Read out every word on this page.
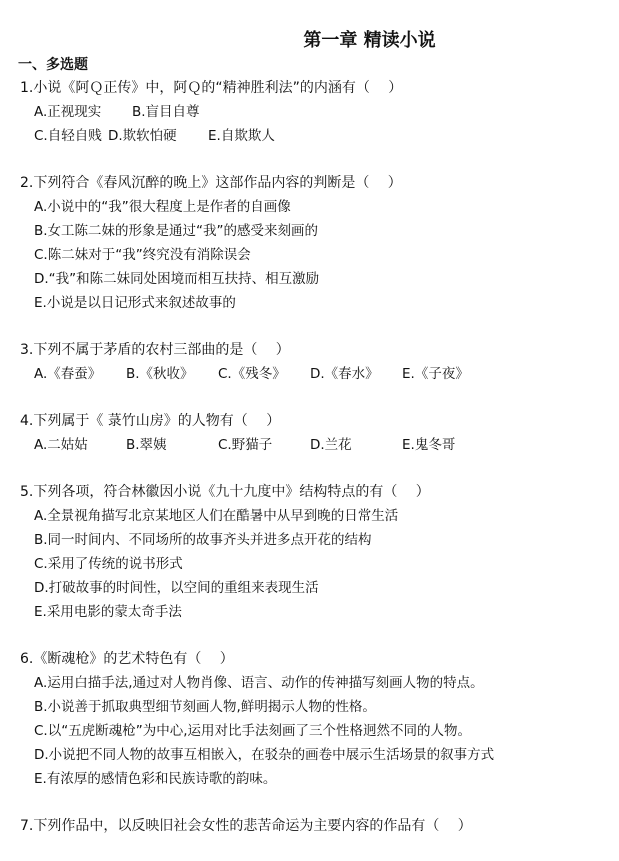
第一章 精读小说
一、多选题
1.小说《阿Ｑ正传》中，阿Ｑ的“精神胜利法”的内涵有（　 ）
A.正视现实	B.盲目自尊
C.自轻自贱 D.欺软怕硬	E.自欺欺人
2.下列符合《春风沉醉的晚上》这部作品内容的判断是（　 ）
A.小说中的“我”很大程度上是作者的自画像
B.女工陈二妹的形象是通过“我”的感受来刻画的
C.陈二妹对于“我”终究没有消除误会
D.“我”和陈二妹同处困境而相互扶持、相互激励
E.小说是以日记形式来叙述故事的
3.下列不属于茅盾的农村三部曲的是（　 ）
A.《春蚕》	B.《秋收》	C.《残冬》	D.《春水》	E.《子夜》
4.下列属于《 菉竹山房》的人物有（　 ）
A.二姑姑	B.翠姨	C.野猫子	D.兰花	E.鬼冬哥
5.下列各项，符合林徽因小说《九十九度中》结构特点的有（　 ）
A.全景视角描写北京某地区人们在酷暑中从早到晚的日常生活
B.同一时间内、不同场所的故事齐头并进多点开花的结构
C.采用了传统的说书形式
D.打破故事的时间性，以空间的重组来表现生活
E.采用电影的蒙太奇手法
6.《断魂枪》的艺术特色有（　 ）
A.运用白描手法,通过对人物肖像、语言、动作的传神描写刻画人物的特点。
B.小说善于抓取典型细节刻画人物,鲜明揭示人物的性格。
C.以“五虎断魂枪”为中心,运用对比手法刻画了三个性格迥然不同的人物。
D.小说把不同人物的故事互相嵌入，在驳杂的画卷中展示生活场景的叙事方式
E.有浓厚的感情色彩和民族诗歌的韵味。
7.下列作品中，以反映旧社会女性的悲苦命运为主要内容的作品有（　 ）
